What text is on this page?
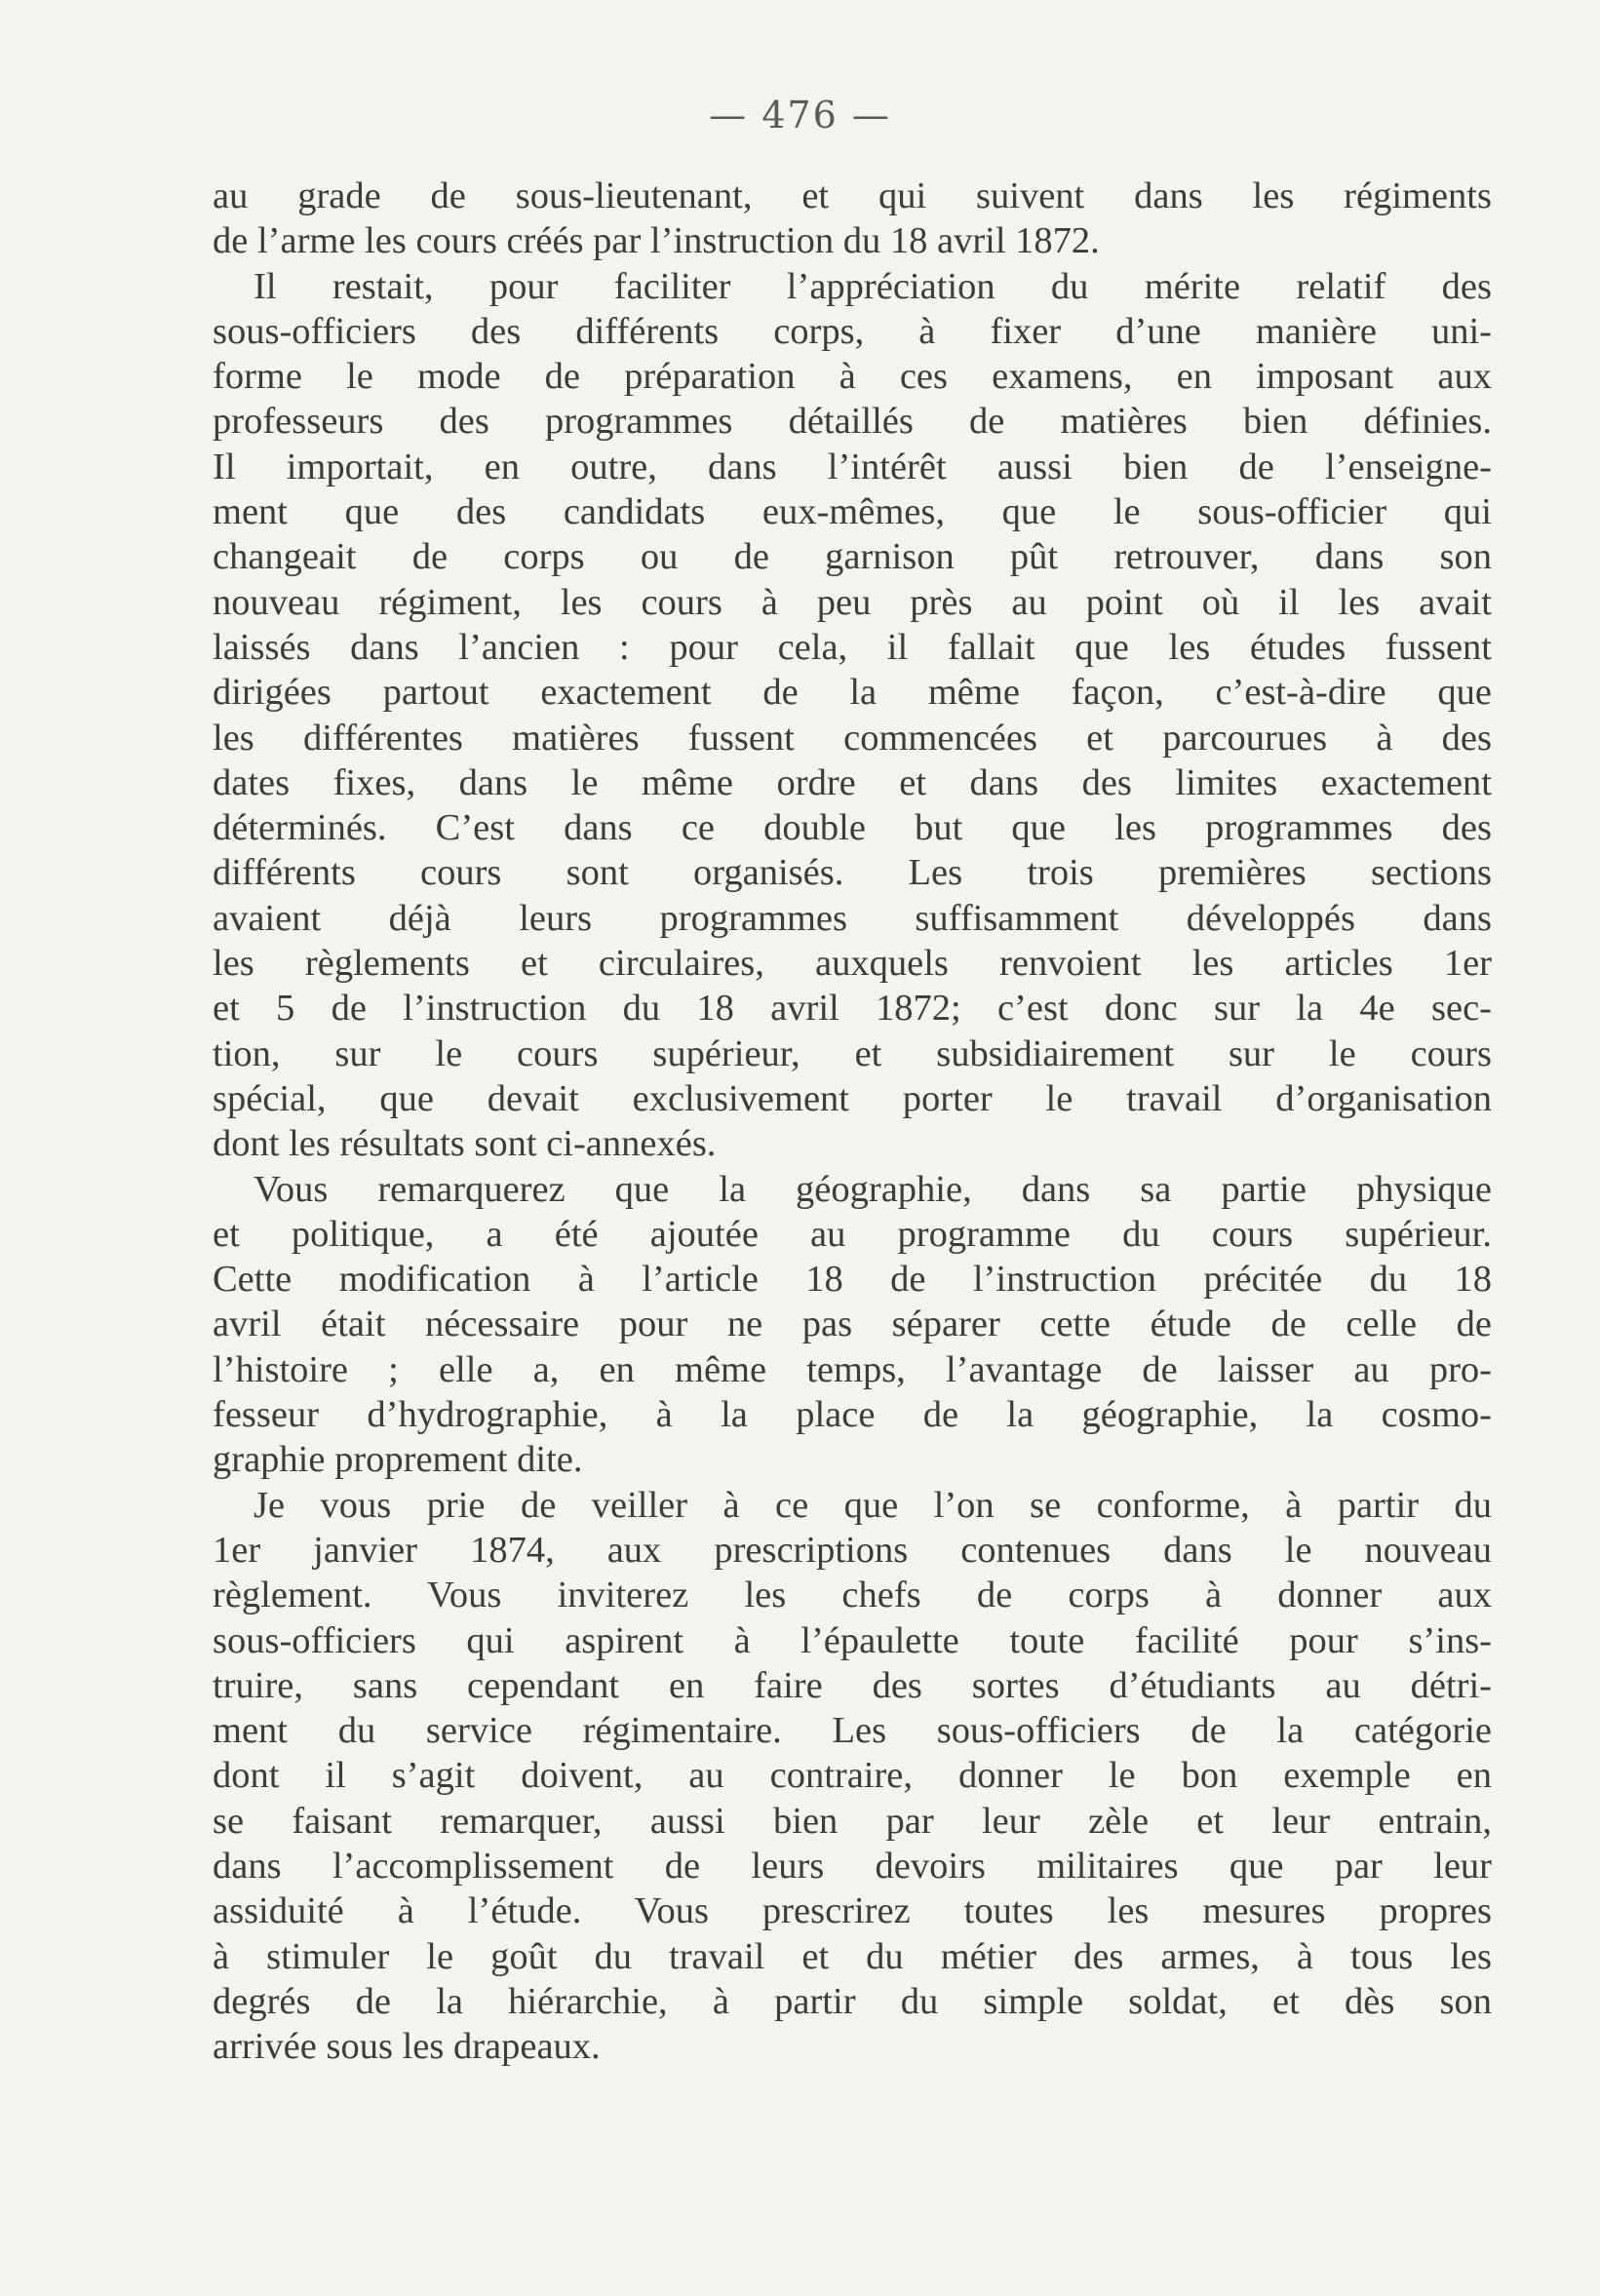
— 476 —
au grade de sous-lieutenant, et qui suivent dans les régiments
de l’arme les cours créés par l’instruction du 18 avril 1872.
Il restait, pour faciliter l’appréciation du mérite relatif des
sous-officiers des différents corps, à fixer d’une manière uni-
forme le mode de préparation à ces examens, en imposant aux
professeurs des programmes détaillés de matières bien définies.
Il importait, en outre, dans l’intérêt aussi bien de l’enseigne-
ment que des candidats eux-mêmes, que le sous-officier qui
changeait de corps ou de garnison pût retrouver, dans son
nouveau régiment, les cours à peu près au point où il les avait
laissés dans l’ancien : pour cela, il fallait que les études fussent
dirigées partout exactement de la même façon, c’est-à-dire que
les différentes matières fussent commencées et parcourues à des
dates fixes, dans le même ordre et dans des limites exactement
déterminés. C’est dans ce double but que les programmes des
différents cours sont organisés. Les trois premières sections
avaient déjà leurs programmes suffisamment développés dans
les règlements et circulaires, auxquels renvoient les articles 1er
et 5 de l’instruction du 18 avril 1872; c’est donc sur la 4e sec-
tion, sur le cours supérieur, et subsidiairement sur le cours
spécial, que devait exclusivement porter le travail d’organisation
dont les résultats sont ci-annexés.
Vous remarquerez que la géographie, dans sa partie physique
et politique, a été ajoutée au programme du cours supérieur.
Cette modification à l’article 18 de l’instruction précitée du 18
avril était nécessaire pour ne pas séparer cette étude de celle de
l’histoire ; elle a, en même temps, l’avantage de laisser au pro-
fesseur d’hydrographie, à la place de la géographie, la cosmo-
graphie proprement dite.
Je vous prie de veiller à ce que l’on se conforme, à partir du
1er janvier 1874, aux prescriptions contenues dans le nouveau
règlement. Vous inviterez les chefs de corps à donner aux
sous-officiers qui aspirent à l’épaulette toute facilité pour s’ins-
truire, sans cependant en faire des sortes d’étudiants au détri-
ment du service régimentaire. Les sous-officiers de la catégorie
dont il s’agit doivent, au contraire, donner le bon exemple en
se faisant remarquer, aussi bien par leur zèle et leur entrain,
dans l’accomplissement de leurs devoirs militaires que par leur
assiduité à l’étude. Vous prescrirez toutes les mesures propres
à stimuler le goût du travail et du métier des armes, à tous les
degrés de la hiérarchie, à partir du simple soldat, et dès son
arrivée sous les drapeaux.
